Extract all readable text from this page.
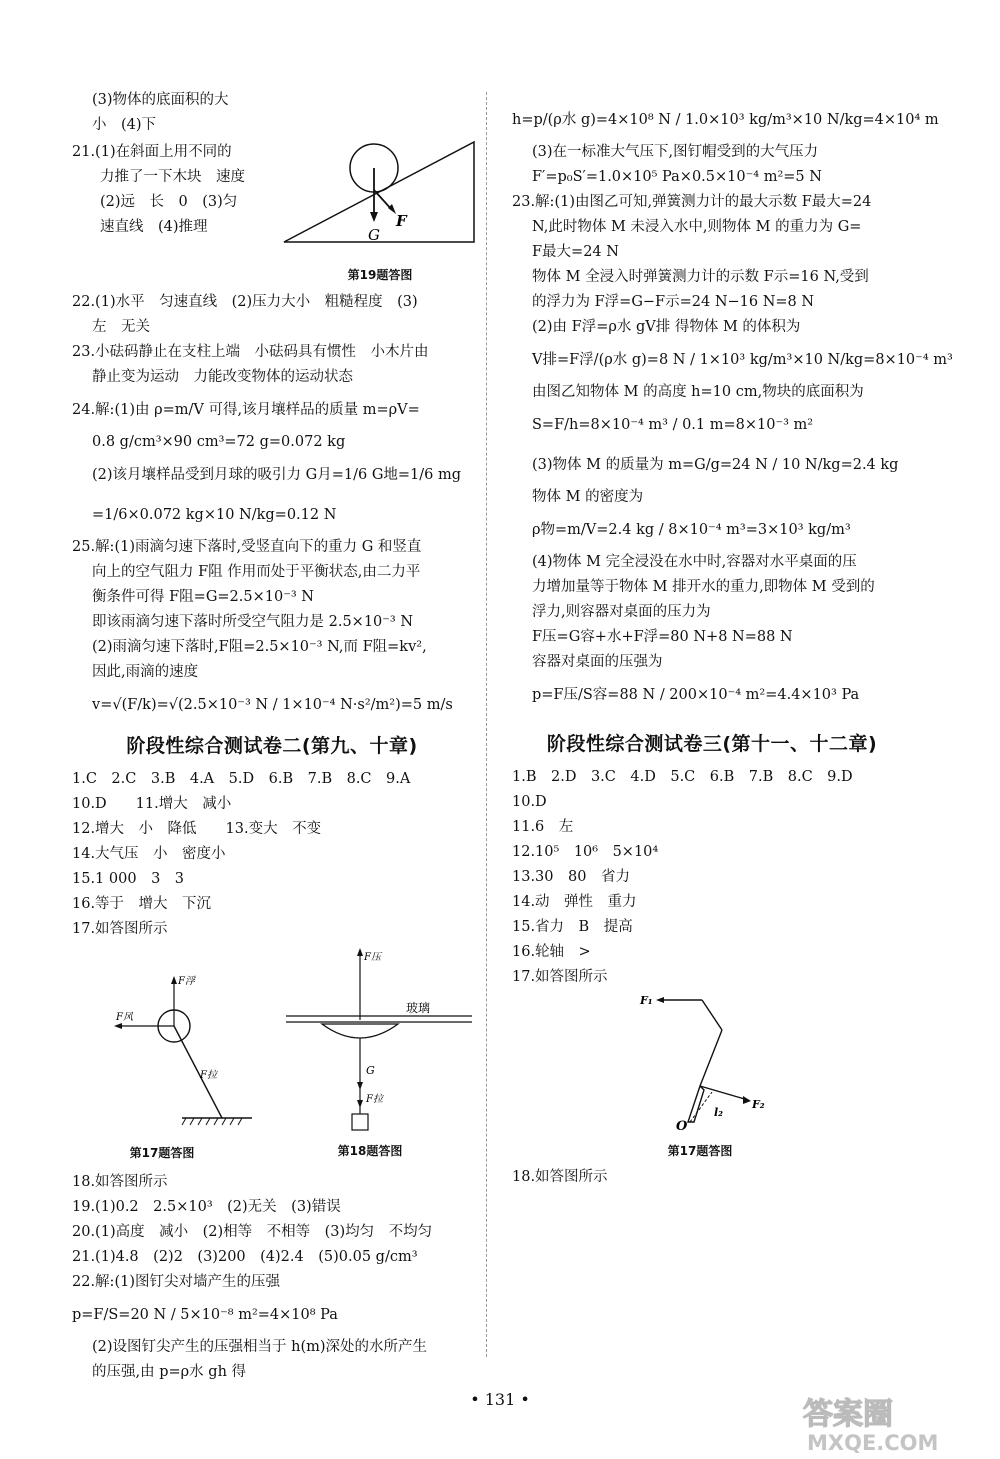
(3)物体的底面积的大
小　(4)下
21.(1)在斜面上用不同的
力推了一下木块　速度
(2)远　长　0　(3)匀
速直线　(4)推理	F
G
第19题答图
22.(1)水平　匀速直线　(2)压力大小　粗糙程度　(3)
左　无关
23.小砝码静止在支柱上端　小砝码具有惯性　小木片由
静止变为运动　力能改变物体的运动状态
24.解:(1)由 ρ=m/V 可得,该月壤样品的质量 m=ρV=
0.8 g/cm³×90 cm³=72 g=0.072 kg
(2)该月壤样品受到月球的吸引力 G月=1/6 G地=1/6 mg
=1/6×0.072 kg×10 N/kg=0.12 N
25.解:(1)雨滴匀速下落时,受竖直向下的重力 G 和竖直
向上的空气阻力 F阻 作用而处于平衡状态,由二力平
衡条件可得 F阻=G=2.5×10⁻³ N
即该雨滴匀速下落时所受空气阻力是 2.5×10⁻³ N
(2)雨滴匀速下落时,F阻=2.5×10⁻³ N,而 F阻=kv²,
因此,雨滴的速度
v=√(F/k)=√(2.5×10⁻³ N / 1×10⁻⁴ N·s²/m²)=5 m/s
阶段性综合测试卷二(第九、十章)
1.C　2.C　3.B　4.A　5.D　6.B　7.B　8.C　9.A
10.D　　11.增大　减小
12.增大　小　降低　　13.变大　不变
14.大气压　小　密度小
15.1 000　3　3
16.等于　增大　下沉
17.如答图所示
F浮
F风
F拉
第17题答图
F压
玻璃
G
F拉
第18题答图
18.如答图所示
19.(1)0.2　2.5×10³　(2)无关　(3)错误
20.(1)高度　减小　(2)相等　不相等　(3)均匀　不均匀
21.(1)4.8　(2)2　(3)200　(4)2.4　(5)0.05 g/cm³
22.解:(1)图钉尖对墙产生的压强
p=F/S=20 N / 5×10⁻⁸ m²=4×10⁸ Pa
(2)设图钉尖产生的压强相当于 h(m)深处的水所产生
的压强,由 p=ρ水 gh 得
h=p/(ρ水 g)=4×10⁸ N / 1.0×10³ kg/m³×10 N/kg=4×10⁴ m
(3)在一标准大气压下,图钉帽受到的大气压力
F′=p₀S′=1.0×10⁵ Pa×0.5×10⁻⁴ m²=5 N
23.解:(1)由图乙可知,弹簧测力计的最大示数 F最大=24
N,此时物体 M 未浸入水中,则物体 M 的重力为 G=
F最大=24 N
物体 M 全浸入时弹簧测力计的示数 F示=16 N,受到
的浮力为 F浮=G−F示=24 N−16 N=8 N
(2)由 F浮=ρ水 gV排 得物体 M 的体积为
V排=F浮/(ρ水 g)=8 N / 1×10³ kg/m³×10 N/kg=8×10⁻⁴ m³
由图乙知物体 M 的高度 h=10 cm,物块的底面积为
S=F/h=8×10⁻⁴ m³ / 0.1 m=8×10⁻³ m²
(3)物体 M 的质量为 m=G/g=24 N / 10 N/kg=2.4 kg
物体 M 的密度为
ρ物=m/V=2.4 kg / 8×10⁻⁴ m³=3×10³ kg/m³
(4)物体 M 完全浸没在水中时,容器对水平桌面的压
力增加量等于物体 M 排开水的重力,即物体 M 受到的
浮力,则容器对桌面的压力为
F压=G容+水+F浮=80 N+8 N=88 N
容器对桌面的压强为
p=F压/S容=88 N / 200×10⁻⁴ m²=4.4×10³ Pa
阶段性综合测试卷三(第十一、十二章)
1.B　2.D　3.C　4.D　5.C　6.B　7.B　8.C　9.D
10.D
11.6　左
12.10⁵　10⁶　5×10⁴
13.30　80　省力
14.动　弹性　重力
15.省力　B　提高
16.轮轴　>
17.如答图所示
F₁
F₂
O
l₂
第17题答图
18.如答图所示
• 131 •	答案圈
MXQE.COM
